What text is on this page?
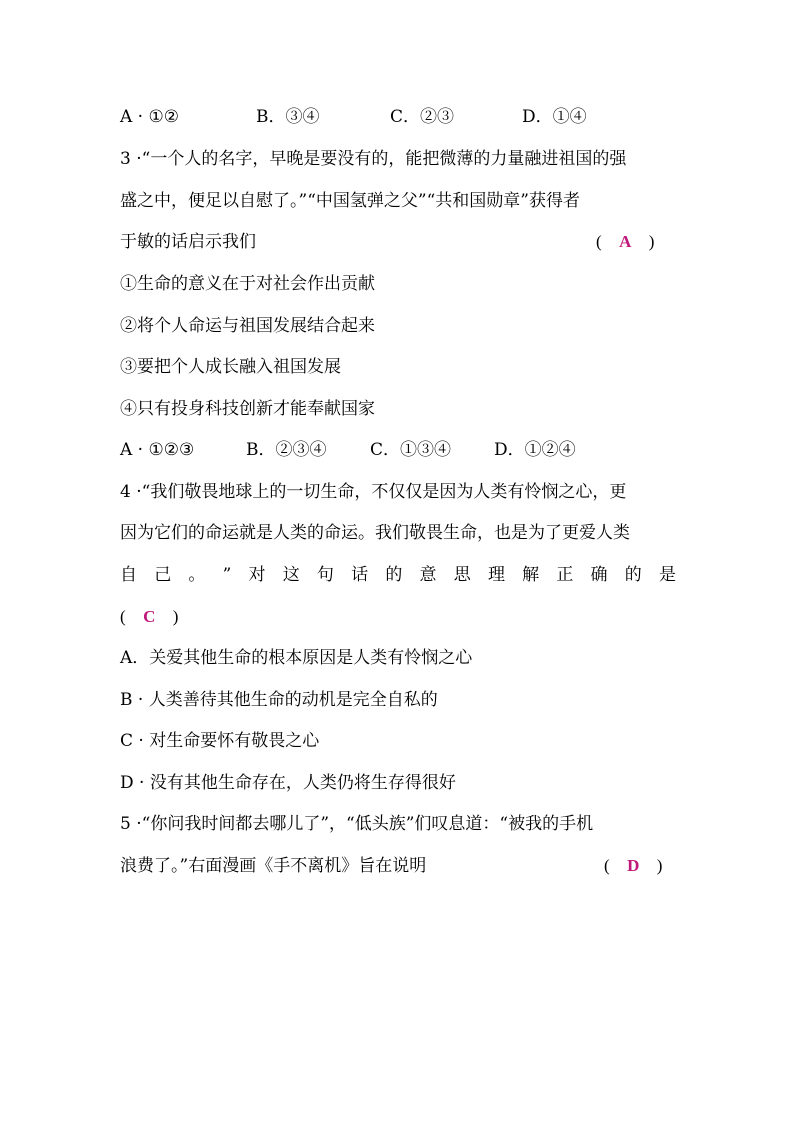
A · ①②	B．③④	C．②③	D．①④
3 ·“一个人的名字，早晚是要没有的，能把微薄的力量融进祖国的强
盛之中，便足以自慰了。”“中国氢弹之父”“共和国勋章”获得者
于敏的话启示我们	( A )
①生命的意义在于对社会作出贡献
②将个人命运与祖国发展结合起来
③要把个人成长融入祖国发展
④只有投身科技创新才能奉献国家
A · ①②③	B．②③④	C．①③④	D．①②④
4 ·“我们敬畏地球上的一切生命，不仅仅是因为人类有怜悯之心，更
因为它们的命运就是人类的命运。我们敬畏生命，也是为了更爱人类
自 己 。 ” 对 这 句 话 的 意 思 理 解 正 确 的 是
( C )
A．关爱其他生命的根本原因是人类有怜悯之心
B · 人类善待其他生命的动机是完全自私的
C · 对生命要怀有敬畏之心
D · 没有其他生命存在，人类仍将生存得很好
5 ·“你问我时间都去哪儿了”，“低头族”们叹息道：“被我的手机
浪费了。”右面漫画《手不离机》旨在说明	( D )
